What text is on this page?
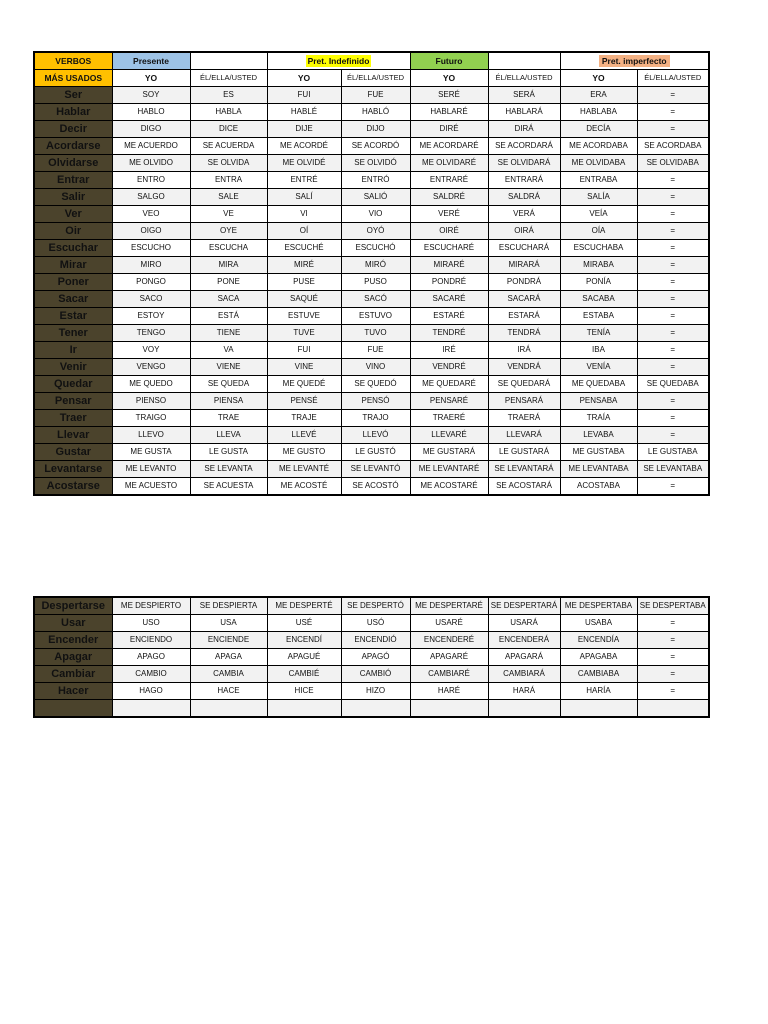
VERBOS	Presente		Pret. Indefinido		Futuro		Pret. imperfecto	
MÁS USADOS	YO	ÉL/ELLA/USTED	YO	ÉL/ELLA/USTED	YO	ÉL/ELLA/USTED	YO	ÉL/ELLA/USTED
Ser	SOY	ES	FUI	FUE	SERÉ	SERÁ	ERA	=
Hablar	HABLO	HABLA	HABLÉ	HABLÓ	HABLARÉ	HABLARÁ	HABLABA	=
Decir	DIGO	DICE	DIJE	DIJO	DIRÉ	DIRÁ	DECÍA	=
Acordarse	ME ACUERDO	SE ACUERDA	ME ACORDÉ	SE ACORDÓ	ME ACORDARÉ	SE ACORDARÁ	ME ACORDABA	SE ACORDABA
Olvidarse	ME OLVIDO	SE OLVIDA	ME OLVIDÉ	SE OLVIDÓ	ME OLVIDARÉ	SE OLVIDARÁ	ME OLVIDABA	SE OLVIDABA
Entrar	ENTRO	ENTRA	ENTRÉ	ENTRÓ	ENTRARÉ	ENTRARÁ	ENTRABA	=
Salir	SALGO	SALE	SALÍ	SALIÓ	SALDRÉ	SALDRÁ	SALÍA	=
Ver	VEO	VE	VI	VIO	VERÉ	VERÁ	VEÍA	=
Oir	OIGO	OYE	OÍ	OYÓ	OIRÉ	OIRÁ	OÍA	=
Escuchar	ESCUCHO	ESCUCHA	ESCUCHÉ	ESCUCHÓ	ESCUCHARÉ	ESCUCHARÁ	ESCUCHABA	=
Mirar	MIRO	MIRA	MIRÉ	MIRÓ	MIRARÉ	MIRARÁ	MIRABA	=
Poner	PONGO	PONE	PUSE	PUSO	PONDRÉ	PONDRÁ	PONÍA	=
Sacar	SACO	SACA	SAQUÉ	SACÓ	SACARÉ	SACARÁ	SACABA	=
Estar	ESTOY	ESTÁ	ESTUVE	ESTUVO	ESTARÉ	ESTARÁ	ESTABA	=
Tener	TENGO	TIENE	TUVE	TUVO	TENDRÉ	TENDRÁ	TENÍA	=
Ir	VOY	VA	FUI	FUE	IRÉ	IRÁ	IBA	=
Venir	VENGO	VIENE	VINE	VINO	VENDRÉ	VENDRÁ	VENÍA	=
Quedar	ME QUEDO	SE QUEDA	ME QUEDÉ	SE QUEDÓ	ME QUEDARÉ	SE QUEDARÁ	ME QUEDABA	SE QUEDABA
Pensar	PIENSO	PIENSA	PENSÉ	PENSÓ	PENSARÉ	PENSARÁ	PENSABA	=
Traer	TRAIGO	TRAE	TRAJE	TRAJO	TRAERÉ	TRAERÁ	TRAÍA	=
Llevar	LLEVO	LLEVA	LLEVÉ	LLEVÓ	LLEVARÉ	LLEVARÁ	LEVABA	=
Gustar	ME GUSTA	LE GUSTA	ME GUSTO	LE GUSTÓ	ME GUSTARÁ	LE GUSTARÁ	ME GUSTABA	LE GUSTABA
Levantarse	ME LEVANTO	SE LEVANTA	ME LEVANTÉ	SE LEVANTÓ	ME LEVANTARÉ	SE LEVANTARÁ	ME LEVANTABA	SE LEVANTABA
Acostarse	ME ACUESTO	SE ACUESTA	ME ACOSTÉ	SE ACOSTÓ	ME ACOSTARÉ	SE ACOSTARÁ	ACOSTABA	=
Despertarse	ME DESPIERTO	SE DESPIERTA	ME DESPERTÉ	SE DESPERTÓ	ME DESPERTARÉ	SE DESPERTARÁ	ME DESPERTABA	SE DESPERTABA
Usar	USO	USA	USÉ	USÓ	USARÉ	USARÁ	USABA	=
Encender	ENCIENDO	ENCIENDE	ENCENDÍ	ENCENDIÓ	ENCENDERÉ	ENCENDERÁ	ENCENDÍA	=
Apagar	APAGO	APAGA	APAGUÉ	APAGÓ	APAGARÉ	APAGARÁ	APAGABA	=
Cambiar	CAMBIO	CAMBIA	CAMBIÉ	CAMBIÓ	CAMBIARÉ	CAMBIARÁ	CAMBIABA	=
Hacer	HAGO	HACE	HICE	HIZO	HARÉ	HARÁ	HARÍA	=
